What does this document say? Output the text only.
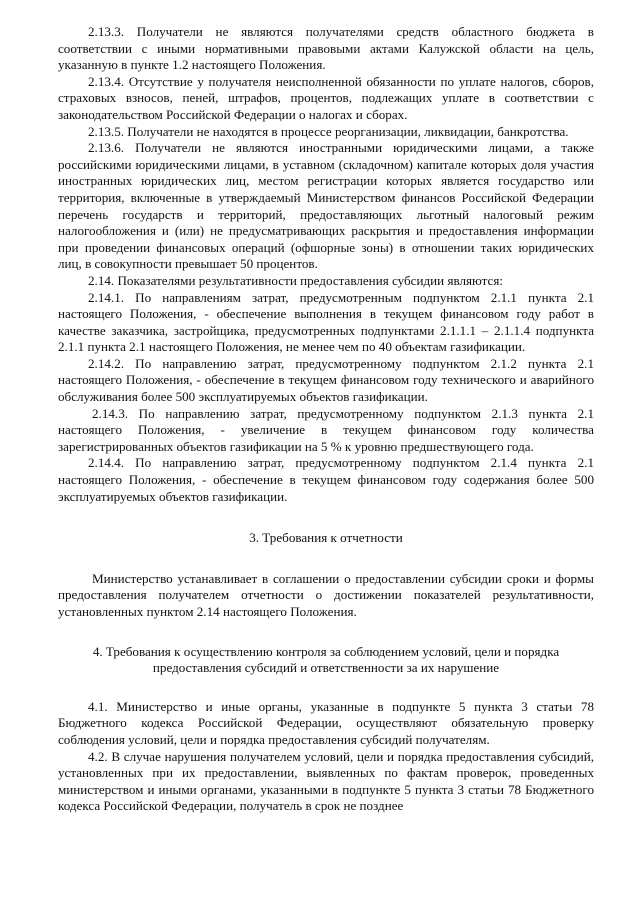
2.13.3. Получатели не являются получателями средств областного бюджета в соответствии с иными нормативными правовыми актами Калужской области на цель, указанную в пункте 1.2 настоящего Положения.

2.13.4. Отсутствие у получателя неисполненной обязанности по уплате налогов, сборов, страховых взносов, пеней, штрафов, процентов, подлежащих уплате в соответствии с законодательством Российской Федерации о налогах и сборах.

2.13.5. Получатели не находятся в процессе реорганизации, ликвидации, банкротства.

2.13.6. Получатели не являются иностранными юридическими лицами, а также российскими юридическими лицами, в уставном (складочном) капитале которых доля участия иностранных юридических лиц, местом регистрации которых является государство или территория, включенные в утверждаемый Министерством финансов Российской Федерации перечень государств и территорий, предоставляющих льготный налоговый режим налогообложения и (или) не предусматривающих раскрытия и предоставления информации при проведении финансовых операций (офшорные зоны) в отношении таких юридических лиц, в совокупности превышает 50 процентов.

2.14. Показателями результативности предоставления субсидии являются:

2.14.1. По направлениям затрат, предусмотренным подпунктом 2.1.1 пункта 2.1 настоящего Положения, - обеспечение выполнения в текущем финансовом году работ в качестве заказчика, застройщика, предусмотренных подпунктами 2.1.1.1 – 2.1.1.4 подпункта 2.1.1 пункта 2.1 настоящего Положения, не менее чем по 40 объектам газификации.

2.14.2. По направлению затрат, предусмотренному подпунктом 2.1.2 пункта 2.1 настоящего Положения, - обеспечение в текущем финансовом году технического и аварийного обслуживания более 500 эксплуатируемых объектов газификации.

2.14.3. По направлению затрат, предусмотренному подпунктом 2.1.3 пункта 2.1 настоящего Положения, - увеличение в текущем финансовом году количества зарегистрированных объектов газификации на 5 % к уровню предшествующего года.

2.14.4. По направлению затрат, предусмотренному подпунктом 2.1.4 пункта 2.1 настоящего Положения, - обеспечение в текущем финансовом году содержания более 500 эксплуатируемых объектов газификации.

3. Требования к отчетности

Министерство устанавливает в соглашении о предоставлении субсидии сроки и формы предоставления получателем отчетности о достижении показателей результативности, установленных пунктом 2.14 настоящего Положения.

4. Требования к осуществлению контроля за соблюдением условий, цели и порядка предоставления субсидий и ответственности за их нарушение

4.1. Министерство и иные органы, указанные в подпункте 5 пункта 3 статьи 78 Бюджетного кодекса Российской Федерации, осуществляют обязательную проверку соблюдения условий, цели и порядка предоставления субсидий получателям.

4.2. В случае нарушения получателем условий, цели и порядка предоставления субсидий, установленных при их предоставлении, выявленных по фактам проверок, проведенных министерством и иными органами, указанными в подпункте 5 пункта 3 статьи 78 Бюджетного кодекса Российской Федерации, получатель в срок не позднее
